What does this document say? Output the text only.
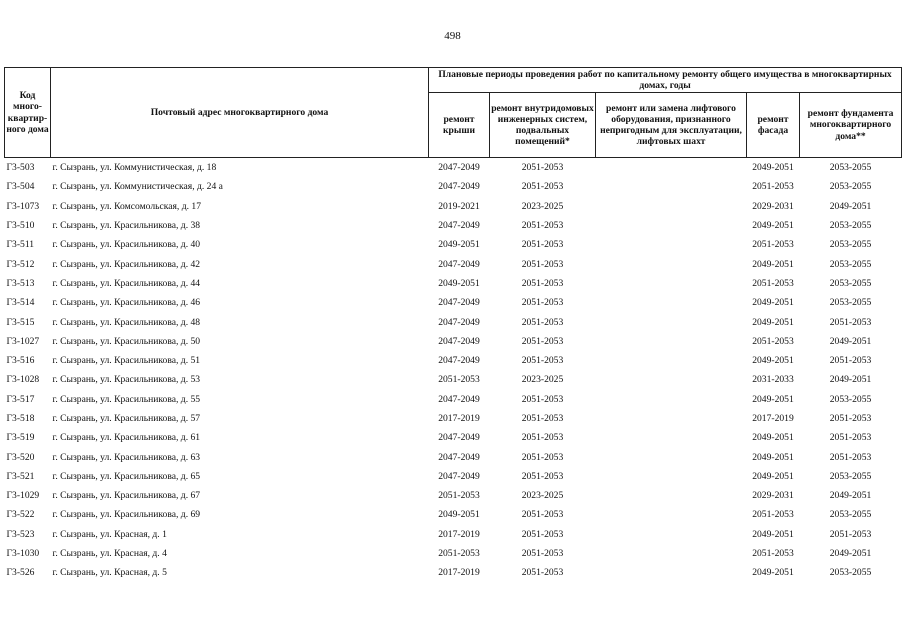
498
Код много-квартир-ного дома	Почтовый адрес многоквартирного дома	Плановые периоды проведения работ по капитальному ремонту общего имущества в многоквартирных домах, годы				
		ремонт крыши	ремонт внутридомовых инженерных систем, подвальных помещений*	ремонт или замена лифтового оборудования, признанного непригодным для эксплуатации, лифтовых шахт	ремонт фасада	ремонт фундамента многоквартирного дома**
Г3-503	г. Сызрань, ул. Коммунистическая, д. 18	2047-2049	2051-2053		2049-2051	2053-2055
Г3-504	г. Сызрань, ул. Коммунистическая, д. 24 а	2047-2049	2051-2053		2051-2053	2053-2055
Г3-1073	г. Сызрань, ул. Комсомольская, д. 17	2019-2021	2023-2025		2029-2031	2049-2051
Г3-510	г. Сызрань, ул. Красильникова, д. 38	2047-2049	2051-2053		2049-2051	2053-2055
Г3-511	г. Сызрань, ул. Красильникова, д. 40	2049-2051	2051-2053		2051-2053	2053-2055
Г3-512	г. Сызрань, ул. Красильникова, д. 42	2047-2049	2051-2053		2049-2051	2053-2055
Г3-513	г. Сызрань, ул. Красильникова, д. 44	2049-2051	2051-2053		2051-2053	2053-2055
Г3-514	г. Сызрань, ул. Красильникова, д. 46	2047-2049	2051-2053		2049-2051	2053-2055
Г3-515	г. Сызрань, ул. Красильникова, д. 48	2047-2049	2051-2053		2049-2051	2051-2053
Г3-1027	г. Сызрань, ул. Красильникова, д. 50	2047-2049	2051-2053		2051-2053	2049-2051
Г3-516	г. Сызрань, ул. Красильникова, д. 51	2047-2049	2051-2053		2049-2051	2051-2053
Г3-1028	г. Сызрань, ул. Красильникова, д. 53	2051-2053	2023-2025		2031-2033	2049-2051
Г3-517	г. Сызрань, ул. Красильникова, д. 55	2047-2049	2051-2053		2049-2051	2053-2055
Г3-518	г. Сызрань, ул. Красильникова, д. 57	2017-2019	2051-2053		2017-2019	2051-2053
Г3-519	г. Сызрань, ул. Красильникова, д. 61	2047-2049	2051-2053		2049-2051	2051-2053
Г3-520	г. Сызрань, ул. Красильникова, д. 63	2047-2049	2051-2053		2049-2051	2051-2053
Г3-521	г. Сызрань, ул. Красильникова, д. 65	2047-2049	2051-2053		2049-2051	2053-2055
Г3-1029	г. Сызрань, ул. Красильникова, д. 67	2051-2053	2023-2025		2029-2031	2049-2051
Г3-522	г. Сызрань, ул. Красильникова, д. 69	2049-2051	2051-2053		2051-2053	2053-2055
Г3-523	г. Сызрань, ул. Красная, д. 1	2017-2019	2051-2053		2049-2051	2051-2053
Г3-1030	г. Сызрань, ул. Красная, д. 4	2051-2053	2051-2053		2051-2053	2049-2051
Г3-526	г. Сызрань, ул. Красная, д. 5	2017-2019	2051-2053		2049-2051	2053-2055
